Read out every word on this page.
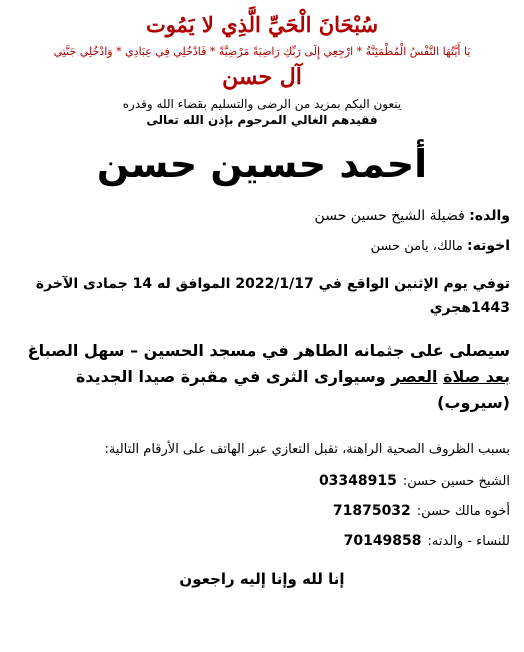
سُبْحَانَ الْحَيِّ الَّذِي لا يَمُوت
يَا أَيَّتُهَا النَّفْسُ الْمُطْمَئِنَّةُ * ارْجِعِي إِلَى رَبِّكِ رَاضِيَةً مَرْضِيَّةً * فَادْخُلِي فِي عِبَادِي * وَادْخُلِي جَنَّتِي
آل حسن
ينعون اليكم بمزيد من الرضى والتسليم بقضاء الله وقدره
فقيدهم الغالي المرحوم بإذن الله تعالى
أحمد حسين حسن
والده: فضيلة الشيخ حسين حسن
اخوته: مالك، يامن حسن
توفي يوم الإثنين الواقع في 2022/1/17 الموافق له 14 جمادى الآخرة
1443هجري
سيصلى على جثمانه الطاهر في مسجد الحسين – سهل الصباغ بعد صلاة العصر وسيوارى الثرى في مقبرة صيدا الجديدة (سيروب)
بسبب الظروف الصحية الراهنة، تقبل التعازي عبر الهاتف على الأرقام التالية:
الشيخ حسين حسن:
03348915
أخوه مالك حسن:
71875032
للنساء - والدته:
70149858
إنا لله وإنا إليه راجعون
